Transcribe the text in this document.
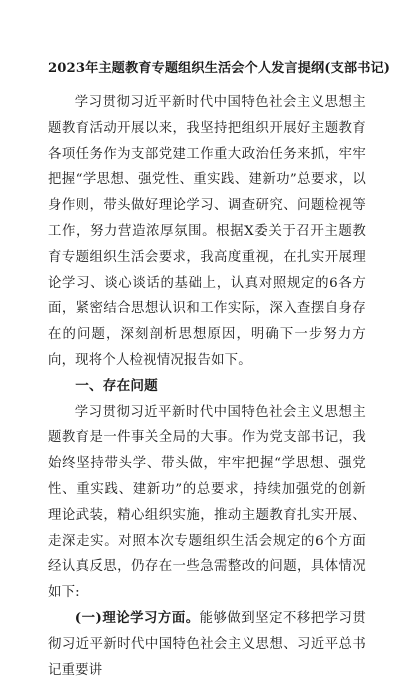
2023年主题教育专题组织生活会个人发言提纲(支部书记)

学习贯彻习近平新时代中国特色社会主义思想主题教育活动开展以来，我坚持把组织开展好主题教育各项任务作为支部党建工作重大政治任务来抓，牢牢把握“学思想、强党性、重实践、建新功”总要求，以身作则，带头做好理论学习、调查研究、问题检视等工作，努力营造浓厚氛围。根据X委关于召开主题教育专题组织生活会要求，我高度重视，在扎实开展理论学习、谈心谈话的基础上，认真对照规定的6各方面，紧密结合思想认识和工作实际，深入查摆自身存在的问题，深刻剖析思想原因，明确下一步努力方向，现将个人检视情况报告如下。

一、存在问题

学习贯彻习近平新时代中国特色社会主义思想主题教育是一件事关全局的大事。作为党支部书记，我始终坚持带头学、带头做，牢牢把握“学思想、强党性、重实践、建新功”的总要求，持续加强党的创新理论武装，精心组织实施，推动主题教育扎实开展、走深走实。对照本次专题组织生活会规定的6个方面经认真反思，仍存在一些急需整改的问题，具体情况如下:

(一)理论学习方面。能够做到坚定不移把学习贯彻习近平新时代中国特色社会主义思想、习近平总书记重要讲
